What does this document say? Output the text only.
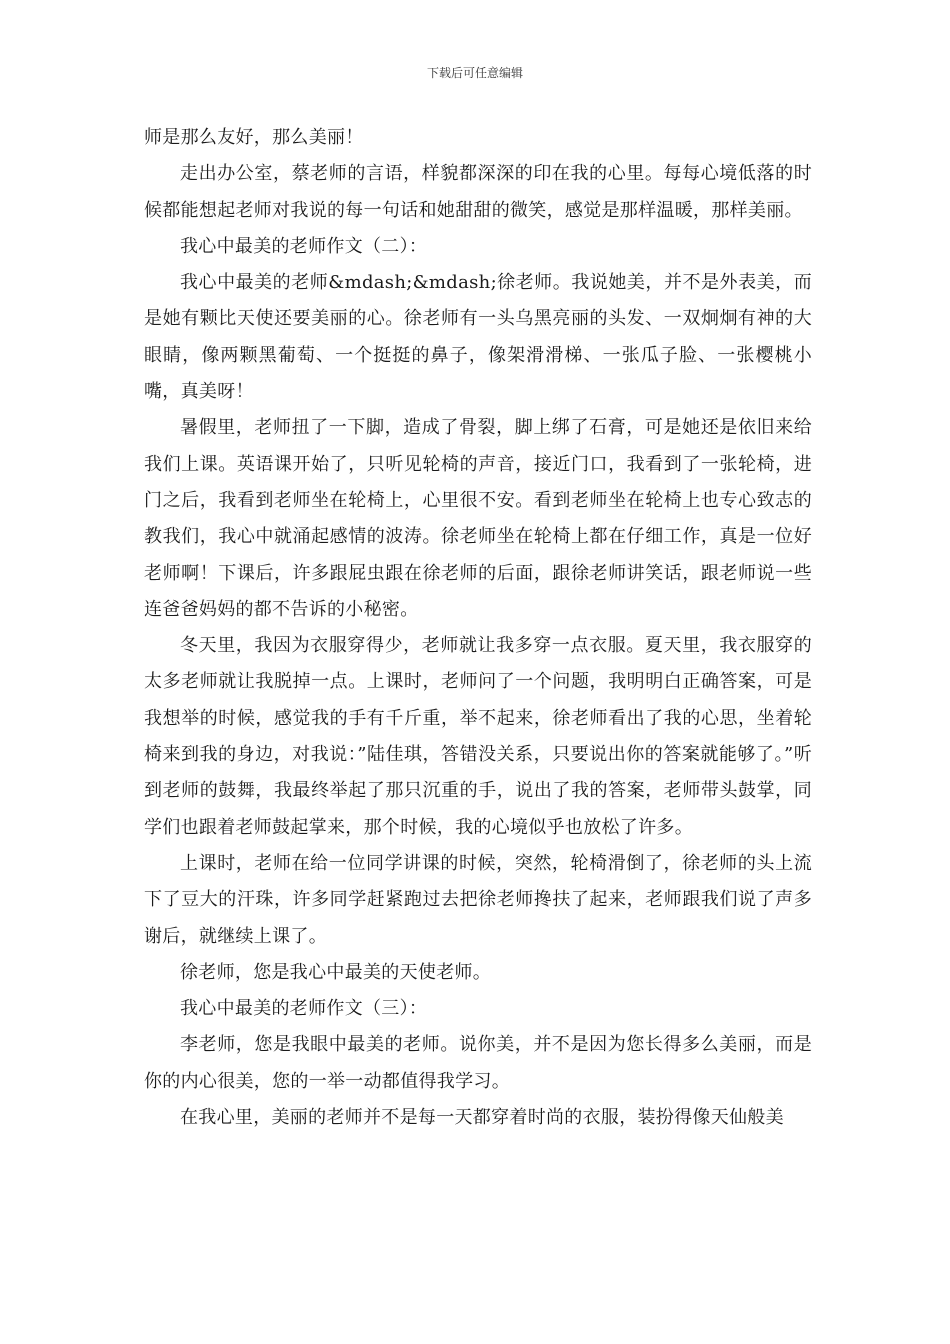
下载后可任意编辑

师是那么友好，那么美丽！

走出办公室，蔡老师的言语，样貌都深深的印在我的心里。每每心境低落的时候都能想起老师对我说的每一句话和她甜甜的微笑，感觉是那样温暖，那样美丽。

我心中最美的老师作文（二）：

我心中最美的老师&mdash;&mdash;徐老师。我说她美，并不是外表美，而是她有颗比天使还要美丽的心。徐老师有一头乌黑亮丽的头发、一双炯炯有神的大眼睛，像两颗黑葡萄、一个挺挺的鼻子，像架滑滑梯、一张瓜子脸、一张樱桃小嘴，真美呀！

暑假里，老师扭了一下脚，造成了骨裂，脚上绑了石膏，可是她还是依旧来给我们上课。英语课开始了，只听见轮椅的声音，接近门口，我看到了一张轮椅，进门之后，我看到老师坐在轮椅上，心里很不安。看到老师坐在轮椅上也专心致志的教我们，我心中就涌起感情的波涛。徐老师坐在轮椅上都在仔细工作，真是一位好老师啊！下课后，许多跟屁虫跟在徐老师的后面，跟徐老师讲笑话，跟老师说一些连爸爸妈妈的都不告诉的小秘密。

冬天里，我因为衣服穿得少，老师就让我多穿一点衣服。夏天里，我衣服穿的太多老师就让我脱掉一点。上课时，老师问了一个问题，我明明白正确答案，可是我想举的时候，感觉我的手有千斤重，举不起来，徐老师看出了我的心思，坐着轮椅来到我的身边，对我说：”陆佳琪，答错没关系，只要说出你的答案就能够了。”听到老师的鼓舞，我最终举起了那只沉重的手，说出了我的答案，老师带头鼓掌，同学们也跟着老师鼓起掌来，那个时候，我的心境似乎也放松了许多。

上课时，老师在给一位同学讲课的时候，突然，轮椅滑倒了，徐老师的头上流下了豆大的汗珠，许多同学赶紧跑过去把徐老师搀扶了起来，老师跟我们说了声多谢后，就继续上课了。

徐老师，您是我心中最美的天使老师。

我心中最美的老师作文（三）：

李老师，您是我眼中最美的老师。说你美，并不是因为您长得多么美丽，而是你的内心很美，您的一举一动都值得我学习。

在我心里，美丽的老师并不是每一天都穿着时尚的衣服，装扮得像天仙般美
